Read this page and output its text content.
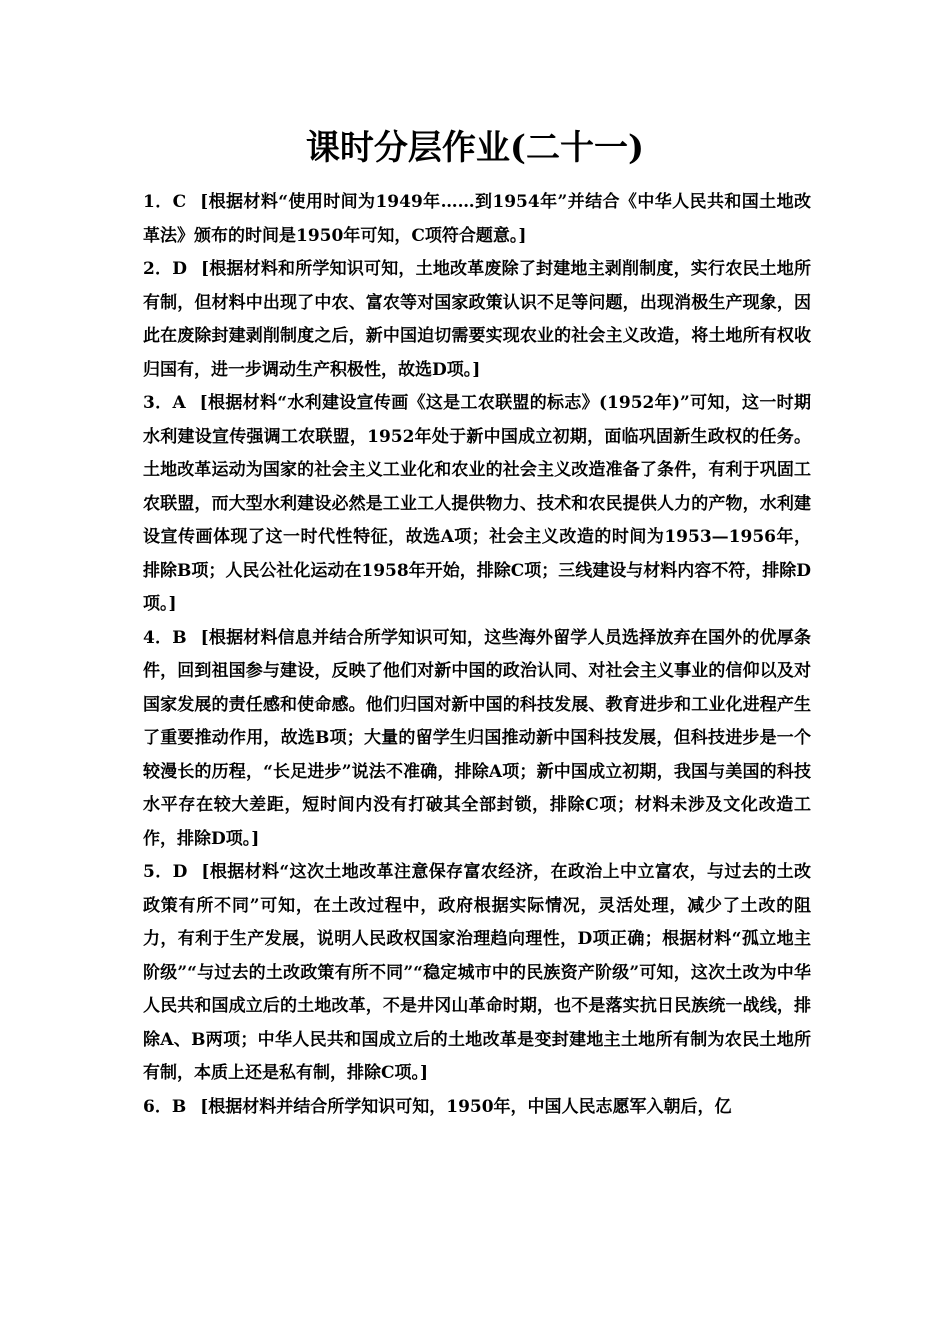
课时分层作业(二十一)

1．C [根据材料“使用时间为1949年……到1954年”并结合《中华人民共和国土地改革法》颁布的时间是1950年可知，C项符合题意。]

2．D [根据材料和所学知识可知，土地改革废除了封建地主剥削制度，实行农民土地所有制，但材料中出现了中农、富农等对国家政策认识不足等问题，出现消极生产现象，因此在废除封建剥削制度之后，新中国迫切需要实现农业的社会主义改造，将土地所有权收归国有，进一步调动生产积极性，故选D项。]

3．A [根据材料“水利建设宣传画《这是工农联盟的标志》(1952年)”可知，这一时期水利建设宣传强调工农联盟，1952年处于新中国成立初期，面临巩固新生政权的任务。土地改革运动为国家的社会主义工业化和农业的社会主义改造准备了条件，有利于巩固工农联盟，而大型水利建设必然是工业工人提供物力、技术和农民提供人力的产物，水利建设宣传画体现了这一时代性特征，故选A项；社会主义改造的时间为1953—1956年，排除B项；人民公社化运动在1958年开始，排除C项；三线建设与材料内容不符，排除D项。]

4．B [根据材料信息并结合所学知识可知，这些海外留学人员选择放弃在国外的优厚条件，回到祖国参与建设，反映了他们对新中国的政治认同、对社会主义事业的信仰以及对国家发展的责任感和使命感。他们归国对新中国的科技发展、教育进步和工业化进程产生了重要推动作用，故选B项；大量的留学生归国推动新中国科技发展，但科技进步是一个较漫长的历程，“长足进步”说法不准确，排除A项；新中国成立初期，我国与美国的科技水平存在较大差距，短时间内没有打破其全部封锁，排除C项；材料未涉及文化改造工作，排除D项。]

5．D [根据材料“这次土地改革注意保存富农经济，在政治上中立富农，与过去的土改政策有所不同”可知，在土改过程中，政府根据实际情况，灵活处理，减少了土改的阻力，有利于生产发展，说明人民政权国家治理趋向理性，D项正确；根据材料“孤立地主阶级”“与过去的土改政策有所不同”“稳定城市中的民族资产阶级”可知，这次土改为中华人民共和国成立后的土地改革，不是井冈山革命时期，也不是落实抗日民族统一战线，排除A、B两项；中华人民共和国成立后的土地改革是变封建地主土地所有制为农民土地所有制，本质上还是私有制，排除C项。]

6．B [根据材料并结合所学知识可知，1950年，中国人民志愿军入朝后，亿
